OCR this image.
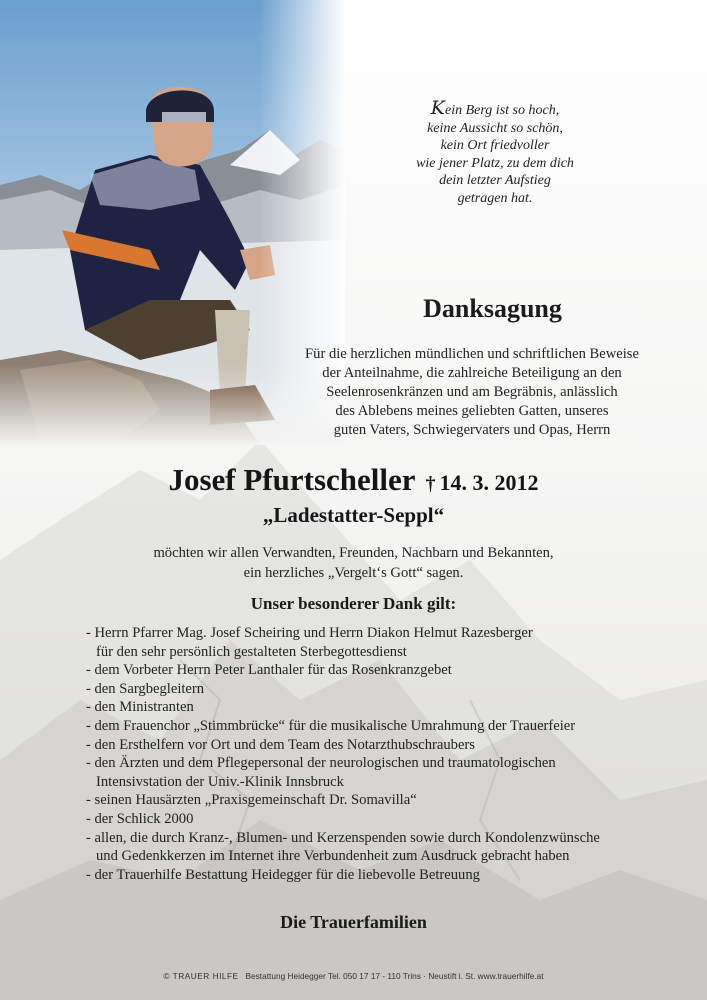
Kein Berg ist so hoch,
keine Aussicht so schön,
kein Ort friedvoller
wie jener Platz, zu dem dich
dein letzter Aufstieg
getragen hat.
Danksagung
Für die herzlichen mündlichen und schriftlichen Beweise
der Anteilnahme, die zahlreiche Beteiligung an den
Seelenrosenkränzen und am Begräbnis, anlässlich
des Ablebens meines geliebten Gatten, unseres
guten Vaters, Schwiegervaters und Opas, Herrn
Josef Pfurtscheller † 14. 3. 2012
„Ladestatter-Seppl“
möchten wir allen Verwandten, Freunden, Nachbarn und Bekannten,
ein herzliches „Vergelt‘s Gott“ sagen.
Unser besonderer Dank gilt:
- Herrn Pfarrer Mag. Josef Scheiring und Herrn Diakon Helmut Razesberger
für den sehr persönlich gestalteten Sterbegottesdienst
- dem Vorbeter Herrn Peter Lanthaler für das Rosenkranzgebet
- den Sargbegleitern
- den Ministranten
- dem Frauenchor „Stimmbrücke“ für die musikalische Umrahmung der Trauerfeier
- den Ersthelfern vor Ort und dem Team des Notarzthubschraubers
- den Ärzten und dem Pflegepersonal der neurologischen und traumatologischen
Intensivstation der Univ.-Klinik Innsbruck
- seinen Hausärzten „Praxisgemeinschaft Dr. Somavilla“
- der Schlick 2000
- allen, die durch Kranz-, Blumen- und Kerzenspenden sowie durch Kondolenzwünsche
und Gedenkkerzen im Internet ihre Verbundenheit zum Ausdruck gebracht haben
- der Trauerhilfe Bestattung Heidegger für die liebevolle Betreuung
Die Trauerfamilien
© TRAUER HILFE Bestattung Heidegger Tel. 050 17 17 - 110 Trins · Neustift i. St. www.trauerhilfe.at
